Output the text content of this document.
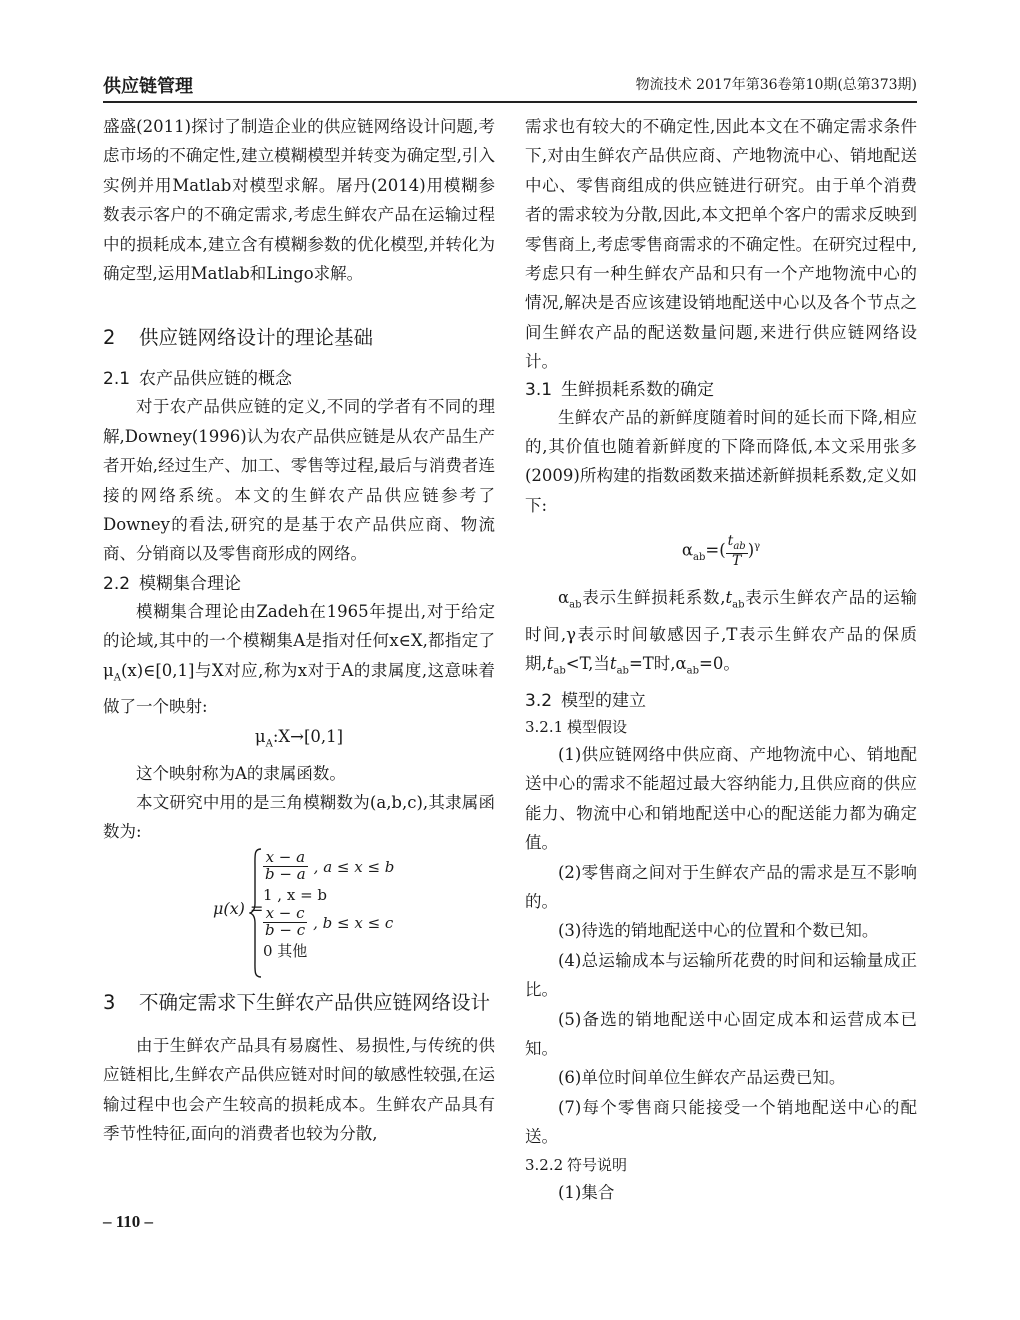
供应链管理	物流技术 2017年第36卷第10期(总第373期)

盛盛(2011)探讨了制造企业的供应链网络设计问题,考虑市场的不确定性,建立模糊模型并转变为确定型,引入实例并用Matlab对模型求解。屠丹(2014)用模糊参数表示客户的不确定需求,考虑生鲜农产品在运输过程中的损耗成本,建立含有模糊参数的优化模型,并转化为确定型,运用Matlab和Lingo求解。

2 供应链网络设计的理论基础
2.1 农产品供应链的概念

对于农产品供应链的定义,不同的学者有不同的理解,Downey(1996)认为农产品供应链是从农产品生产者开始,经过生产、加工、零售等过程,最后与消费者连接的网络系统。本文的生鲜农产品供应链参考了Downey的看法,研究的是基于农产品供应商、物流商、分销商以及零售商形成的网络。

2.2 模糊集合理论

模糊集合理论由Zadeh在1965年提出,对于给定的论域,其中的一个模糊集A是指对任何x∈X,都指定了$\mu_A(x)\in[0,1]$与X对应,称为x对于A的隶属度,这意味着做了一个映射:

$\mu_A:X\to[0,1]$

这个映射称为A的隶属函数。

本文研究中用的是三角模糊数为(a,b,c),其隶属函数为:

μ(x) =
$\frac{x - a}{b - a}$ , a ≤ x ≤ b
1 , x = b
$\frac{x - c}{b - c}$ , b ≤ x ≤ c
0 其他
3 不确定需求下生鲜农产品供应链网络设计

由于生鲜农产品具有易腐性、易损性,与传统的供应链相比,生鲜农产品供应链对时间的敏感性较强,在运输过程中也会产生较高的损耗成本。生鲜农产品具有季节性特征,面向的消费者也较为分散,

需求也有较大的不确定性,因此本文在不确定需求条件下,对由生鲜农产品供应商、产地物流中心、销地配送中心、零售商组成的供应链进行研究。由于单个消费者的需求较为分散,因此,本文把单个客户的需求反映到零售商上,考虑零售商需求的不确定性。在研究过程中,考虑只有一种生鲜农产品和只有一个产地物流中心的情况,解决是否应该建设销地配送中心以及各个节点之间生鲜农产品的配送数量问题,来进行供应链网络设计。

3.1 生鲜损耗系数的确定

生鲜农产品的新鲜度随着时间的延长而下降,相应的,其价值也随着新鲜度的下降而降低,本文采用张多(2009)所构建的指数函数来描述新鲜损耗系数,定义如下:

$\alpha_{ab}=( \frac{t_{ab}}{T} )^\gamma$

$\alpha_{ab}$表示生鲜损耗系数$,t_{ab}$表示生鲜农产品的运输时间,γ表示时间敏感因子,T表示生鲜农产品的保质期$,t_{ab}<T$,当$t_{ab}=T$时$,\alpha_{ab}=0$。

3.2 模型的建立
3.2.1 模型假设

(1)供应链网络中供应商、产地物流中心、销地配送中心的需求不能超过最大容纳能力,且供应商的供应能力、物流中心和销地配送中心的配送能力都为确定值。

(2)零售商之间对于生鲜农产品的需求是互不影响的。

(3)待选的销地配送中心的位置和个数已知。

(4)总运输成本与运输所花费的时间和运输量成正比。

(5)备选的销地配送中心固定成本和运营成本已知。

(6)单位时间单位生鲜农产品运费已知。

(7)每个零售商只能接受一个销地配送中心的配送。

3.2.2 符号说明

(1)集合

– 110 –
